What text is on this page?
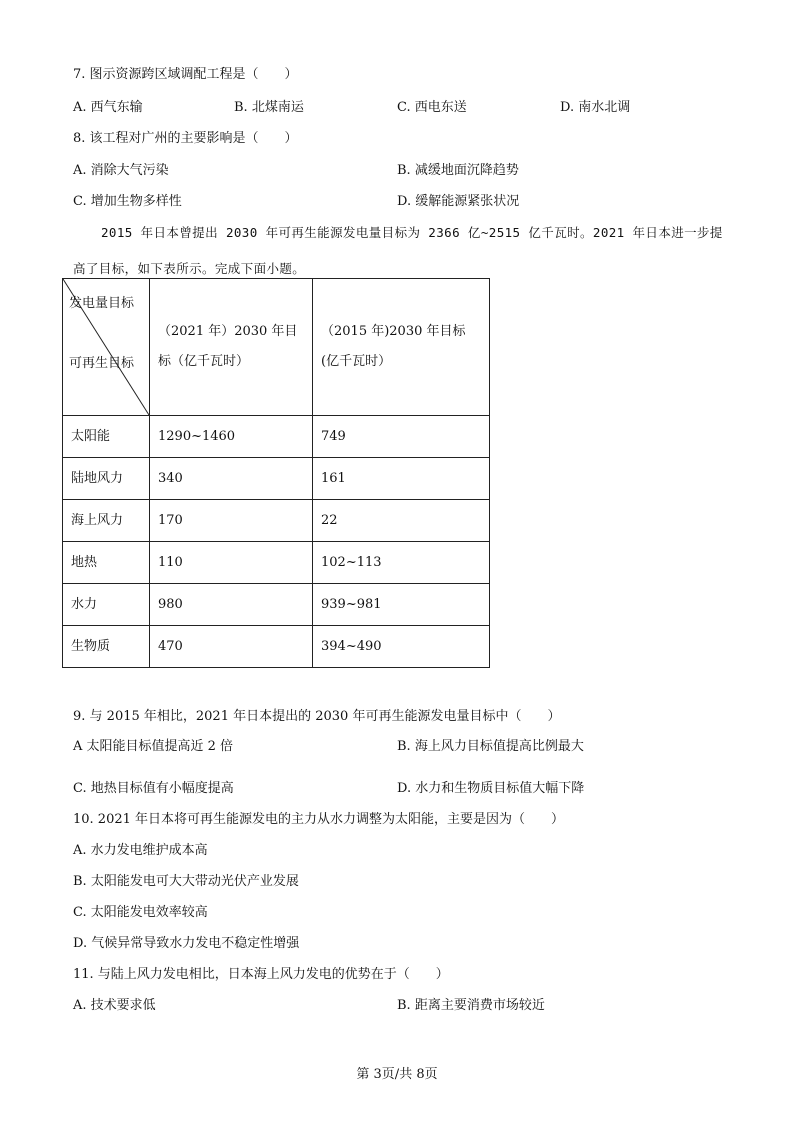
7. 图示资源跨区域调配工程是（　　）
A. 西气东输	B. 北煤南运	C. 西电东送	D. 南水北调
8. 该工程对广州的主要影响是（　　）
A. 消除大气污染	B. 减缓地面沉降趋势
C. 增加生物多样性	D. 缓解能源紧张状况
2015 年日本曾提出 2030 年可再生能源发电量目标为 2366 亿~2515 亿千瓦时。2021 年日本进一步提高了目标，如下表所示。完成下面小题。
发电量目标
可再生目标	（2021 年）2030 年目标（亿千瓦时）	（2015 年)2030 年目标(亿千瓦时）
太阳能	1290~1460	749
陆地风力	340	161
海上风力	170	22
地热	110	102~113
水力	980	939~981
生物质	470	394~490
9. 与 2015 年相比，2021 年日本提出的 2030 年可再生能源发电量目标中（　　）
A 太阳能目标值提高近 2 倍	B. 海上风力目标值提高比例最大
C. 地热目标值有小幅度提高	D. 水力和生物质目标值大幅下降
10. 2021 年日本将可再生能源发电的主力从水力调整为太阳能，主要是因为（　　）
A. 水力发电维护成本高
B. 太阳能发电可大大带动光伏产业发展
C. 太阳能发电效率较高
D. 气候异常导致水力发电不稳定性增强
11. 与陆上风力发电相比，日本海上风力发电的优势在于（　　）
A. 技术要求低	B. 距离主要消费市场较近
第 3页/共 8页
